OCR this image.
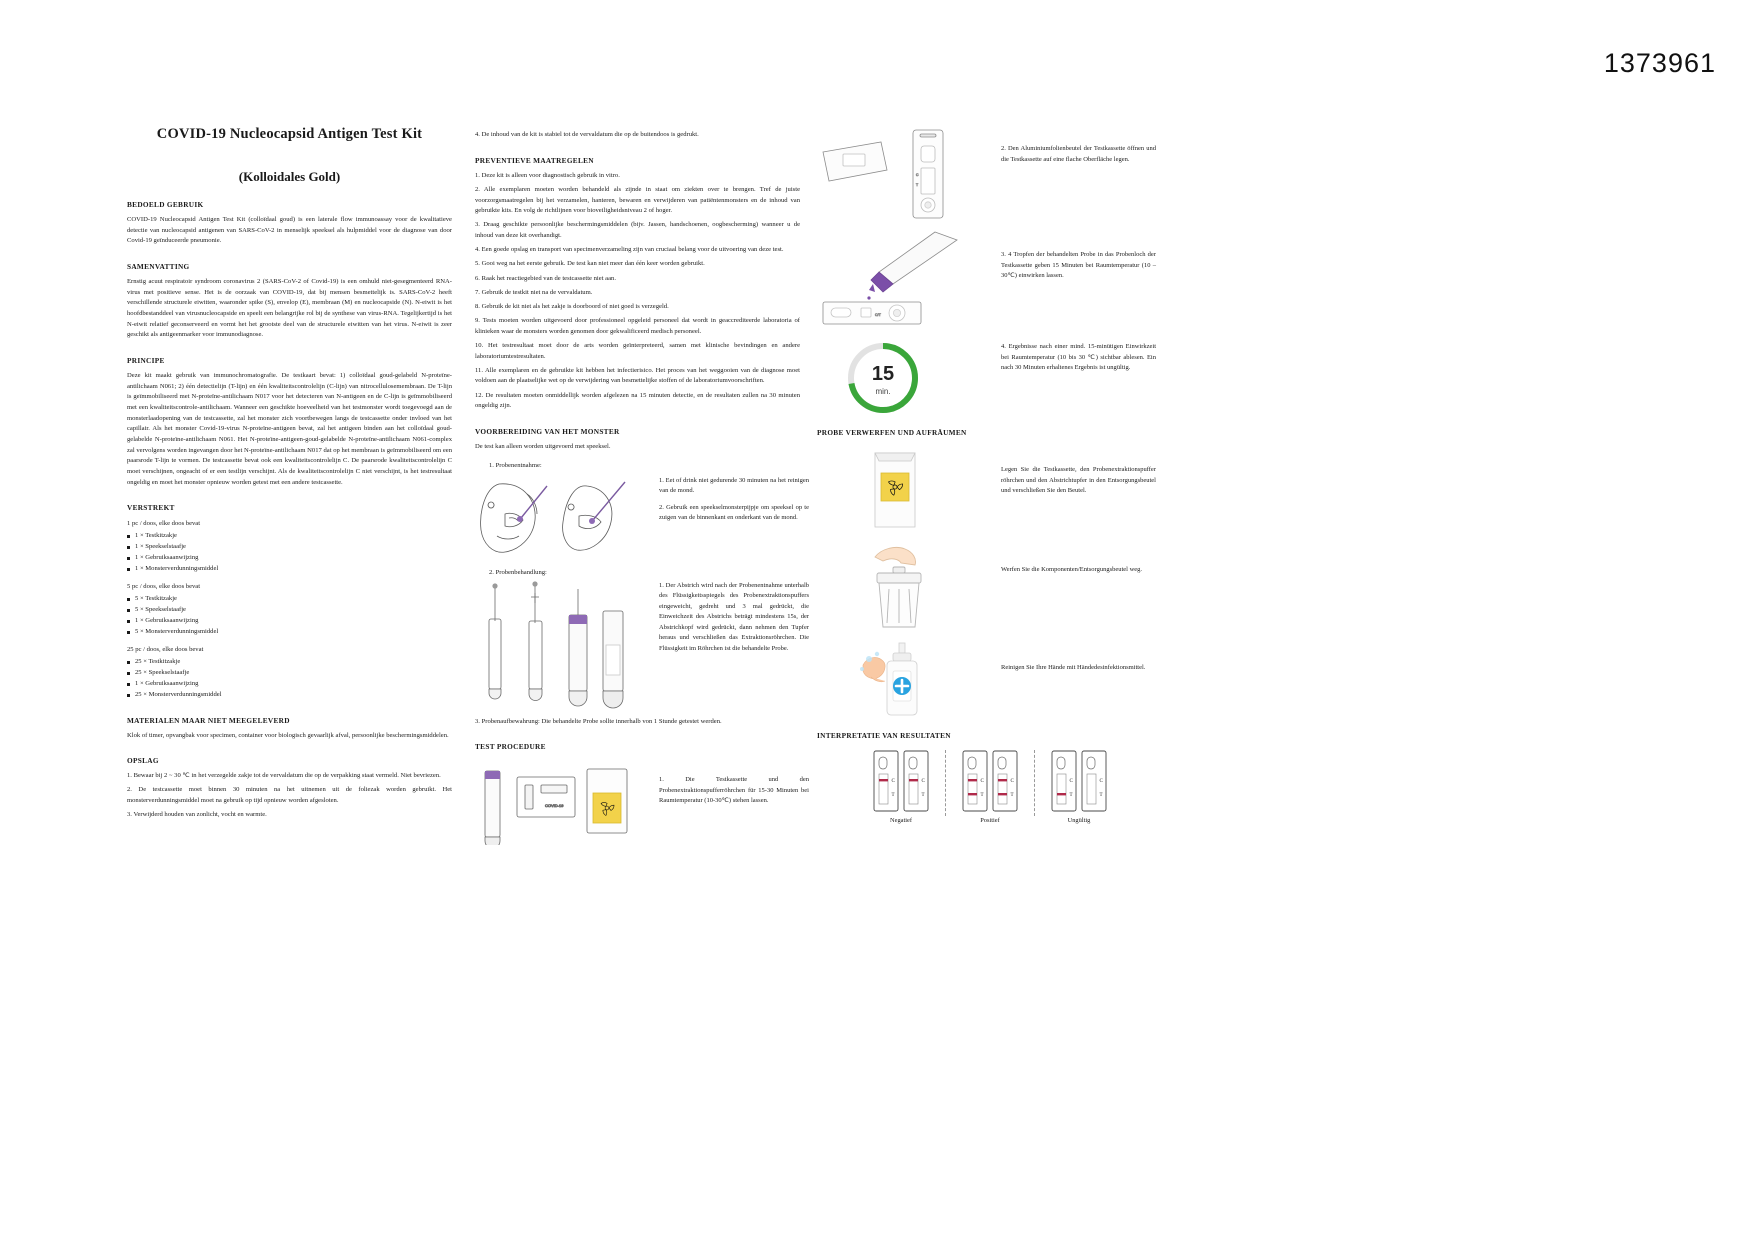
1373961
COVID-19 Nucleocapsid Antigen Test Kit
(Kolloidales Gold)
BEDOELD GEBRUIK

COVID-19 Nucleocapsid Antigen Test Kit (colloïdaal goud) is een laterale flow immunoassay voor de kwalitatieve detectie van nucleocapsid antigenen van SARS-CoV-2 in menselijk speeksel als hulpmiddel voor de diagnose van door Covid-19 geïnduceerde pneumonie.

SAMENVATTING

Ernstig acuut respiratoir syndroom coronavirus 2 (SARS-CoV-2 of Covid-19) is een omhuld niet-gesegmenteerd RNA-virus met positieve sense. Het is de oorzaak van COVID-19, dat bij mensen besmettelijk is. SARS-CoV-2 heeft verschillende structurele eiwitten, waaronder spike (S), envelop (E), membraan (M) en nucleocapside (N). N-eiwit is het hoofdbestanddeel van virusnucleocapside en speelt een belangrijke rol bij de synthese van virus-RNA. Tegelijkertijd is het N-eiwit relatief geconserveerd en vormt het het grootste deel van de structurele eiwitten van het virus. N-eiwit is zeer geschikt als antigeenmarker voor immunodiagnose.

PRINCIPE

Deze kit maakt gebruik van immunochromatografie. De testkaart bevat: 1) colloïdaal goud-gelabeld N-proteïne-antilichaam N061; 2) één detectielijn (T-lijn) en één kwaliteitscontrolelijn (C-lijn) van nitrocellulosemembraan. De T-lijn is geïmmobiliseerd met N-proteïne-antilichaam N017 voor het detecteren van N-antigeen en de C-lijn is geïmmobiliseerd met een kwaliteitscontrole-antilichaam. Wanneer een geschikte hoeveelheid van het testmonster wordt toegevoegd aan de monsterlaadopening van de testcassette, zal het monster zich voortbewegen langs de testcassette onder invloed van het capillair. Als het monster Covid-19-virus N-proteïne-antigeen bevat, zal het antigeen binden aan het colloïdaal goud-gelabelde N-proteïne-antilichaam N061. Het N-proteïne-antigeen-goud-gelabelde N-proteïne-antilichaam N061-complex zal vervolgens worden ingevangen door het N-proteïne-antilichaam N017 dat op het membraan is geïmmobiliseerd om een paarsrode T-lijn te vormen. De testcassette bevat ook een kwaliteitscontrolelijn C. De paarsrode kwaliteitscontrolelijn C moet verschijnen, ongeacht of er een testlijn verschijnt. Als de kwaliteitscontrolelijn C niet verschijnt, is het testresultaat ongeldig en moet het monster opnieuw worden getest met een andere testcassette.

VERSTREKT
1 pc / doos, elke doos bevat
1 × Testkitzakje
1 × Speekselstaafje
1 × Gebruiksaanwijzing
1 × Monsterverdunningsmiddel
5 pc / doos, elke doos bevat
5 × Testkitzakje
5 × Speekselstaafje
1 × Gebruiksaanwijzing
5 × Monsterverdunningsmiddel
25 pc / doos, elke doos bevat
25 × Testkitzakje
25 × Speekselstaafje
1 × Gebruiksaanwijzing
25 × Monsterverdunningsmiddel
MATERIALEN MAAR NIET MEEGELEVERD

Klok of timer, opvangbak voor specimen, container voor biologisch gevaarlijk afval, persoonlijke beschermingsmiddelen.

OPSLAG

1. Bewaar bij 2 ~ 30 ℃ in het verzegelde zakje tot de vervaldatum die op de verpakking staat vermeld. Niet bevriezen.

2. De testcassette moet binnen 30 minuten na het uitnemen uit de foliezak worden gebruikt. Het monsterverdunningsmiddel moet na gebruik op tijd opnieuw worden afgesloten.

3. Verwijderd houden van zonlicht, vocht en warmte.

4. De inhoud van de kit is stabiel tot de vervaldatum die op de buitendoos is gedrukt.

PREVENTIEVE MAATREGELEN

1. Deze kit is alleen voor diagnostisch gebruik in vitro.

2. Alle exemplaren moeten worden behandeld als zijnde in staat om ziekten over te brengen. Tref de juiste voorzorgsmaatregelen bij het verzamelen, hanteren, bewaren en verwijderen van patiëntenmonsters en de inhoud van gebruikte kits. En volg de richtlijnen voor bioveiligheidsniveau 2 of hoger.

3. Draag geschikte persoonlijke beschermingsmiddelen (bijv. Jassen, handschoenen, oogbescherming) wanneer u de inhoud van deze kit overhandigt.

4. Een goede opslag en transport van specimenverzameling zijn van cruciaal belang voor de uitvoering van deze test.

5. Gooi weg na het eerste gebruik. De test kan niet meer dan één keer worden gebruikt.

6. Raak het reactiegebied van de testcassette niet aan.

7. Gebruik de testkit niet na de vervaldatum.

8. Gebruik de kit niet als het zakje is doorboord of niet goed is verzegeld.

9. Tests moeten worden uitgevoerd door professioneel opgeleid personeel dat wordt in geaccrediteerde laboratoria of klinieken waar de monsters worden genomen door gekwalificeerd medisch personeel.

10. Het testresultaat moet door de arts worden geïnterpreteerd, samen met klinische bevindingen en andere laboratoriumtestresultaten.

11. Alle exemplaren en de gebruikte kit hebben het infectierisico. Het proces van het weggooien van de diagnose moet voldoen aan de plaatselijke wet op de verwijdering van besmettelijke stoffen of de laboratoriumvoorschriften.

12. De resultaten moeten onmiddellijk worden afgelezen na 15 minuten detectie, en de resultaten zullen na 30 minuten ongeldig zijn.

VOORBEREIDING VAN HET MONSTER

De test kan alleen worden uitgevoerd met speeksel.

1. Probenentnahme:

1. Eet of drink niet gedurende 30 minuten na het reinigen van de mond.

2. Gebruik een speekselmonsterpijpje om speeksel op te zuigen van de binnenkant en onderkant van de mond.

2. Probenbehandlung:

1. Der Abstrich wird nach der Probenentnahme unterhalb des Flüssigkeitsspiegels des Probenextraktionspuffers eingeweicht, gedreht und 3 mal gedrückt, die Einweichzeit des Abstrichs beträgt mindestens 15s, der Abstrichkopf wird gedrückt, dann nehmen den Tupfer heraus und verschließen das Extraktionsröhrchen. Die Flüssigkeit im Röhrchen ist die behandelte Probe.

3. Probenaufbewahrung: Die behandelte Probe sollte innerhalb von 1 Stunde getestet werden.

TEST PROCEDURE
COVID-19

1. Die Testkassette und den Probenextraktionspufferröhrchen für 15-30 Minuten bei Raumtemperatur (10-30℃) stehen lassen.

C
T
2. Den Aluminiumfolienbeutel der Testkassette öffnen und die Testkassette auf eine flache Oberfläche legen.
C/T
3. 4 Tropfen der behandelten Probe in das Probenloch der Testkassette geben 15 Minuten bei Raumtemperatur (10 – 30℃) einwirken lassen.
15
min.
4. Ergebnisse nach einer mind. 15-minütigen Einwirkzeit bei Raumtemperatur (10 bis 30 ℃) sichtbar ablesen. Ein nach 30 Minuten erhaltenes Ergebnis ist ungültig.
PROBE VERWERFEN UND AUFRÄUMEN
Legen Sie die Testkassette, den Probenextraktionspuffer röhrchen und den Abstrichtupfer in den Entsorgungsbeutel und verschließen Sie den Beutel.
Werfen Sie die Komponenten/Entsorgungsbeutel weg.
Reinigen Sie Ihre Hände mit Händedesinfektionsmittel.
INTERPRETATIE VAN RESULTATEN
C
T
C
T
Negatief
C
T
C
T
Positief
C
T
C
T
Ungültig
